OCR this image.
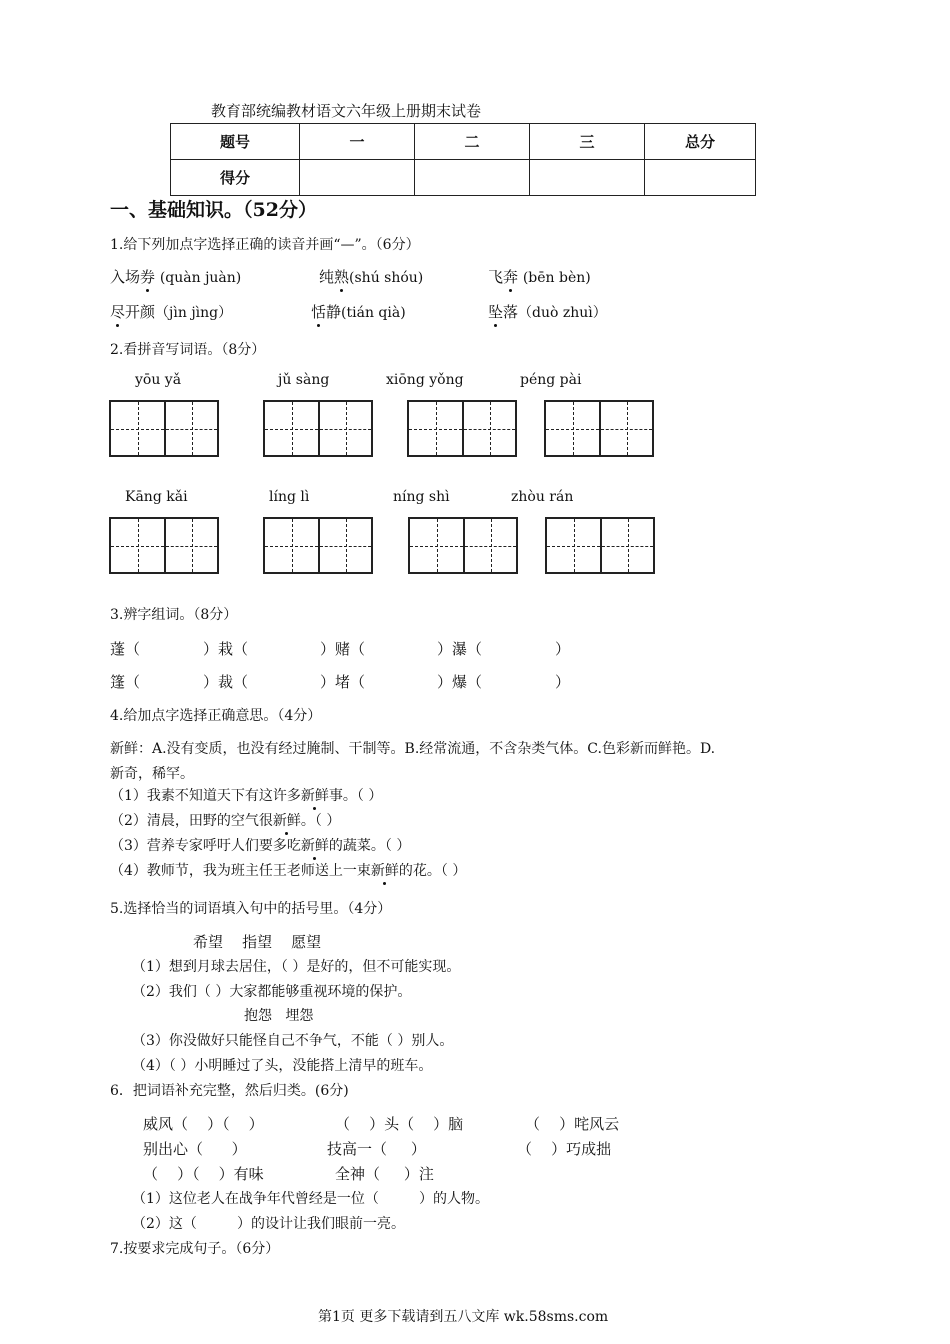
教育部统编教材语文六年级上册期末试卷
题号	一	二	三	总分
得分				
一、基础知识。（52分）
1.给下列加点字选择正确的读音并画“—”。（6分）
入场券 (quàn juàn)	纯熟(shú shóu)	飞奔 (bēn bèn)
尽开颜（jìn jìng）	恬静(tián qià)	坠落（duò zhuì）
2.看拼音写词语。（8分）
yōu yǎ	jǔ sàng	xiōng yǒng	péng pài
Kāng kǎi	líng lì	níng shì	zhòu rán
3.辨字组词。（8分）
蓬（	）栽（	）赌（	）瀑（	）
篷（	）裁（	）堵（	）爆（	）
4.给加点字选择正确意思。（4分）
新鲜：A.没有变质，也没有经过腌制、干制等。B.经常流通，不含杂类气体。C.色彩新而鲜艳。D.
新奇，稀罕。
（1）我素不知道天下有这许多新鲜事。（ ）
（2）清晨，田野的空气很新鲜。（ ）
（3）营养专家呼吁人们要多吃新鲜的蔬菜。（ ）
（4）教师节，我为班主任王老师送上一束新鲜的花。（ ）
5.选择恰当的词语填入句中的括号里。（4分）
希望    指望    愿望
（1）想到月球去居住，（ ）是好的，但不可能实现。
（2）我们（ ）大家都能够重视环境的保护。
抱怨   埋怨
（3）你没做好只能怪自己不争气，不能（ ）别人。
（4）（ ）小明睡过了头，没能搭上清早的班车。
6．把词语补充完整，然后归类。(6分)
威风（    ）（    ）	（    ）头（    ）脑	（    ）咤风云
别出心（      ）	技高一（     ）	（    ）巧成拙
（    ）（    ）有味	全神（     ）注
（1）这位老人在战争年代曾经是一位（         ）的人物。
（2）这（         ）的设计让我们眼前一亮。
7.按要求完成句子。（6分）
第1页 更多下载请到五八文库 wk.58sms.com
